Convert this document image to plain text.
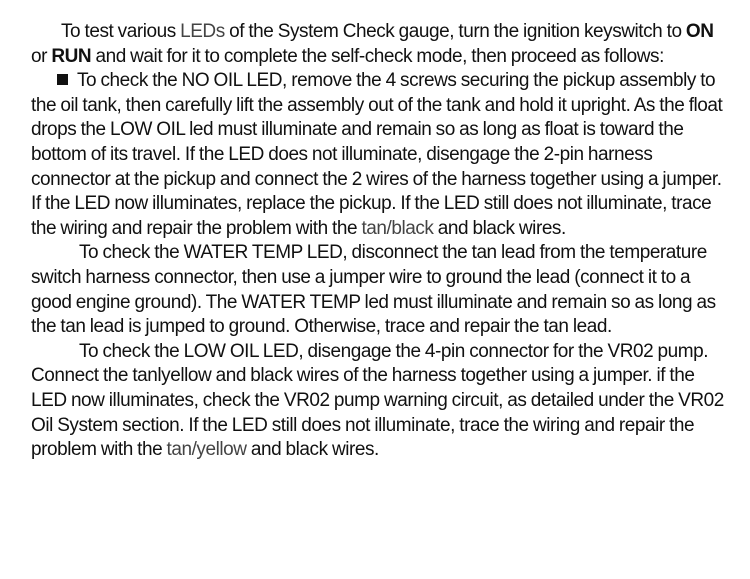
To test various LEDs of the System Check gauge, turn the ignition keyswitch to ON or RUN and wait for it to complete the self-check mode, then proceed as follows:

To check the NO OIL LED, remove the 4 screws securing the pickup assembly to the oil tank, then carefully lift the assembly out of the tank and hold it upright. As the float drops the LOW OIL led must illuminate and remain so as long as float is toward the bottom of its travel. If the LED does not illuminate, disengage the 2-pin harness connector at the pickup and connect the 2 wires of the harness together using a jumper. If the LED now illuminates, replace the pickup. If the LED still does not illuminate, trace the wiring and repair the problem with the tan/black and black wires.

To check the WATER TEMP LED, disconnect the tan lead from the temperature switch harness connector, then use a jumper wire to ground the lead (connect it to a good engine ground). The WATER TEMP led must illuminate and remain so as long as the tan lead is jumped to ground. Otherwise, trace and repair the tan lead.

To check the LOW OIL LED, disengage the 4-pin connector for the VR02 pump. Connect the tanlyellow and black wires of the harness together using a jumper. if the LED now illuminates, check the VR02 pump warning circuit, as detailed under the VR02 Oil System section. If the LED still does not illuminate, trace the wiring and repair the problem with the tan/yellow and black wires.
